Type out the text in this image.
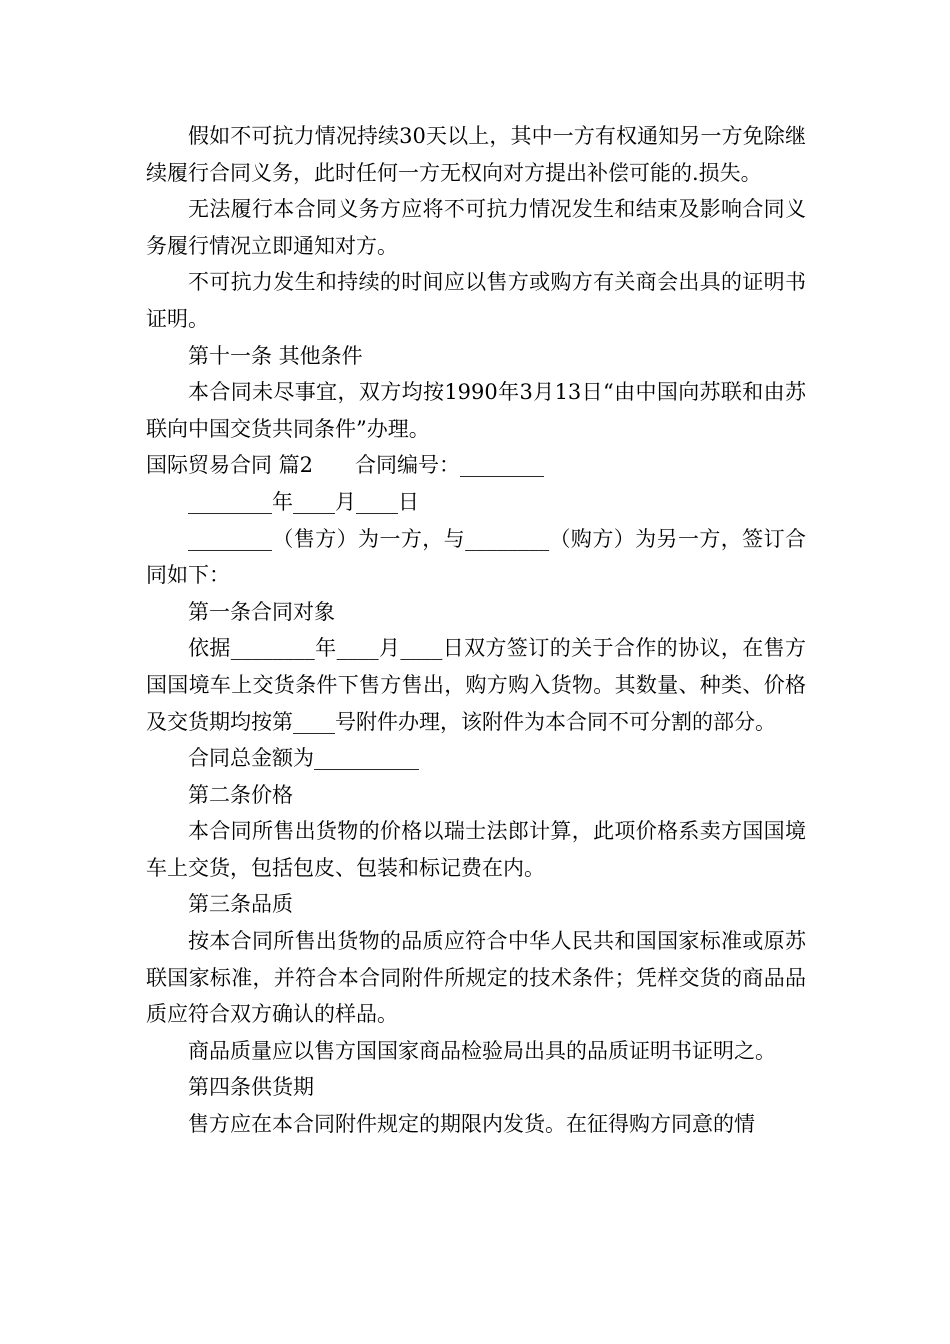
假如不可抗力情况持续30天以上，其中一方有权通知另一方免除继续履行合同义务，此时任何一方无权向对方提出补偿可能的.损失。

无法履行本合同义务方应将不可抗力情况发生和结束及影响合同义务履行情况立即通知对方。

不可抗力发生和持续的时间应以售方或购方有关商会出具的证明书证明。

第十一条 其他条件

本合同未尽事宜，双方均按1990年3月13日“由中国向苏联和由苏联向中国交货共同条件”办理。

国际贸易合同 篇2　　合同编号：________

________年____月____日

________（售方）为一方，与________（购方）为另一方，签订合同如下：

第一条合同对象

依据________年____月____日双方签订的关于合作的协议，在售方国国境车上交货条件下售方售出，购方购入货物。其数量、种类、价格及交货期均按第____号附件办理，该附件为本合同不可分割的部分。

合同总金额为__________

第二条价格

本合同所售出货物的价格以瑞士法郎计算，此项价格系卖方国国境车上交货，包括包皮、包装和标记费在内。

第三条品质

按本合同所售出货物的品质应符合中华人民共和国国家标准或原苏联国家标准，并符合本合同附件所规定的技术条件；凭样交货的商品品质应符合双方确认的样品。

商品质量应以售方国国家商品检验局出具的品质证明书证明之。

第四条供货期

售方应在本合同附件规定的期限内发货。在征得购方同意的情
